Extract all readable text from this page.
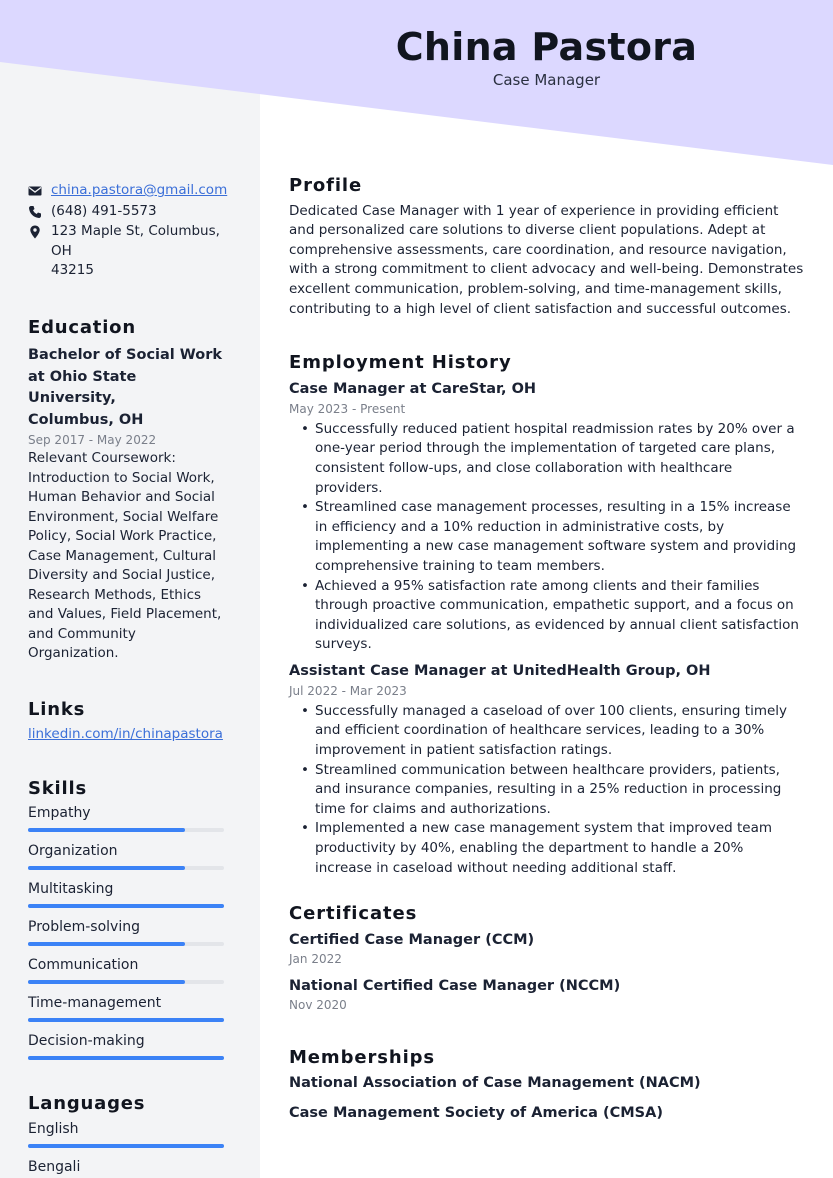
China Pastora
Case Manager
china.pastora@gmail.com
(648) 491-5573
123 Maple St, Columbus, OH
43215
Education
Bachelor of Social Work
at Ohio State University,
Columbus, OH
Sep 2017 - May 2022
Relevant Coursework: Introduction to Social Work, Human Behavior and Social Environment, Social Welfare Policy, Social Work Practice, Case Management, Cultural Diversity and Social Justice, Research Methods, Ethics and Values, Field Placement, and Community Organization.
Links
linkedin.com/in/chinapastora
Skills
Empathy
Organization
Multitasking
Problem-solving
Communication
Time-management
Decision-making
Languages
English
Bengali
Profile
Dedicated Case Manager with 1 year of experience in providing efficient and personalized care solutions to diverse client populations. Adept at comprehensive assessments, care coordination, and resource navigation, with a strong commitment to client advocacy and well-being. Demonstrates excellent communication, problem-solving, and time-management skills, contributing to a high level of client satisfaction and successful outcomes.
Employment History
Case Manager at CareStar, OH
May 2023 - Present
• Successfully reduced patient hospital readmission rates by 20% over a one-year period through the implementation of targeted care plans, consistent follow-ups, and close collaboration with healthcare providers.
• Streamlined case management processes, resulting in a 15% increase in efficiency and a 10% reduction in administrative costs, by implementing a new case management software system and providing comprehensive training to team members.
• Achieved a 95% satisfaction rate among clients and their families through proactive communication, empathetic support, and a focus on individualized care solutions, as evidenced by annual client satisfaction surveys.
Assistant Case Manager at UnitedHealth Group, OH
Jul 2022 - Mar 2023
• Successfully managed a caseload of over 100 clients, ensuring timely and efficient coordination of healthcare services, leading to a 30% improvement in patient satisfaction ratings.
• Streamlined communication between healthcare providers, patients, and insurance companies, resulting in a 25% reduction in processing time for claims and authorizations.
• Implemented a new case management system that improved team productivity by 40%, enabling the department to handle a 20% increase in caseload without needing additional staff.
Certificates
Certified Case Manager (CCM)
Jan 2022
National Certified Case Manager (NCCM)
Nov 2020
Memberships
National Association of Case Management (NACM)
Case Management Society of America (CMSA)
